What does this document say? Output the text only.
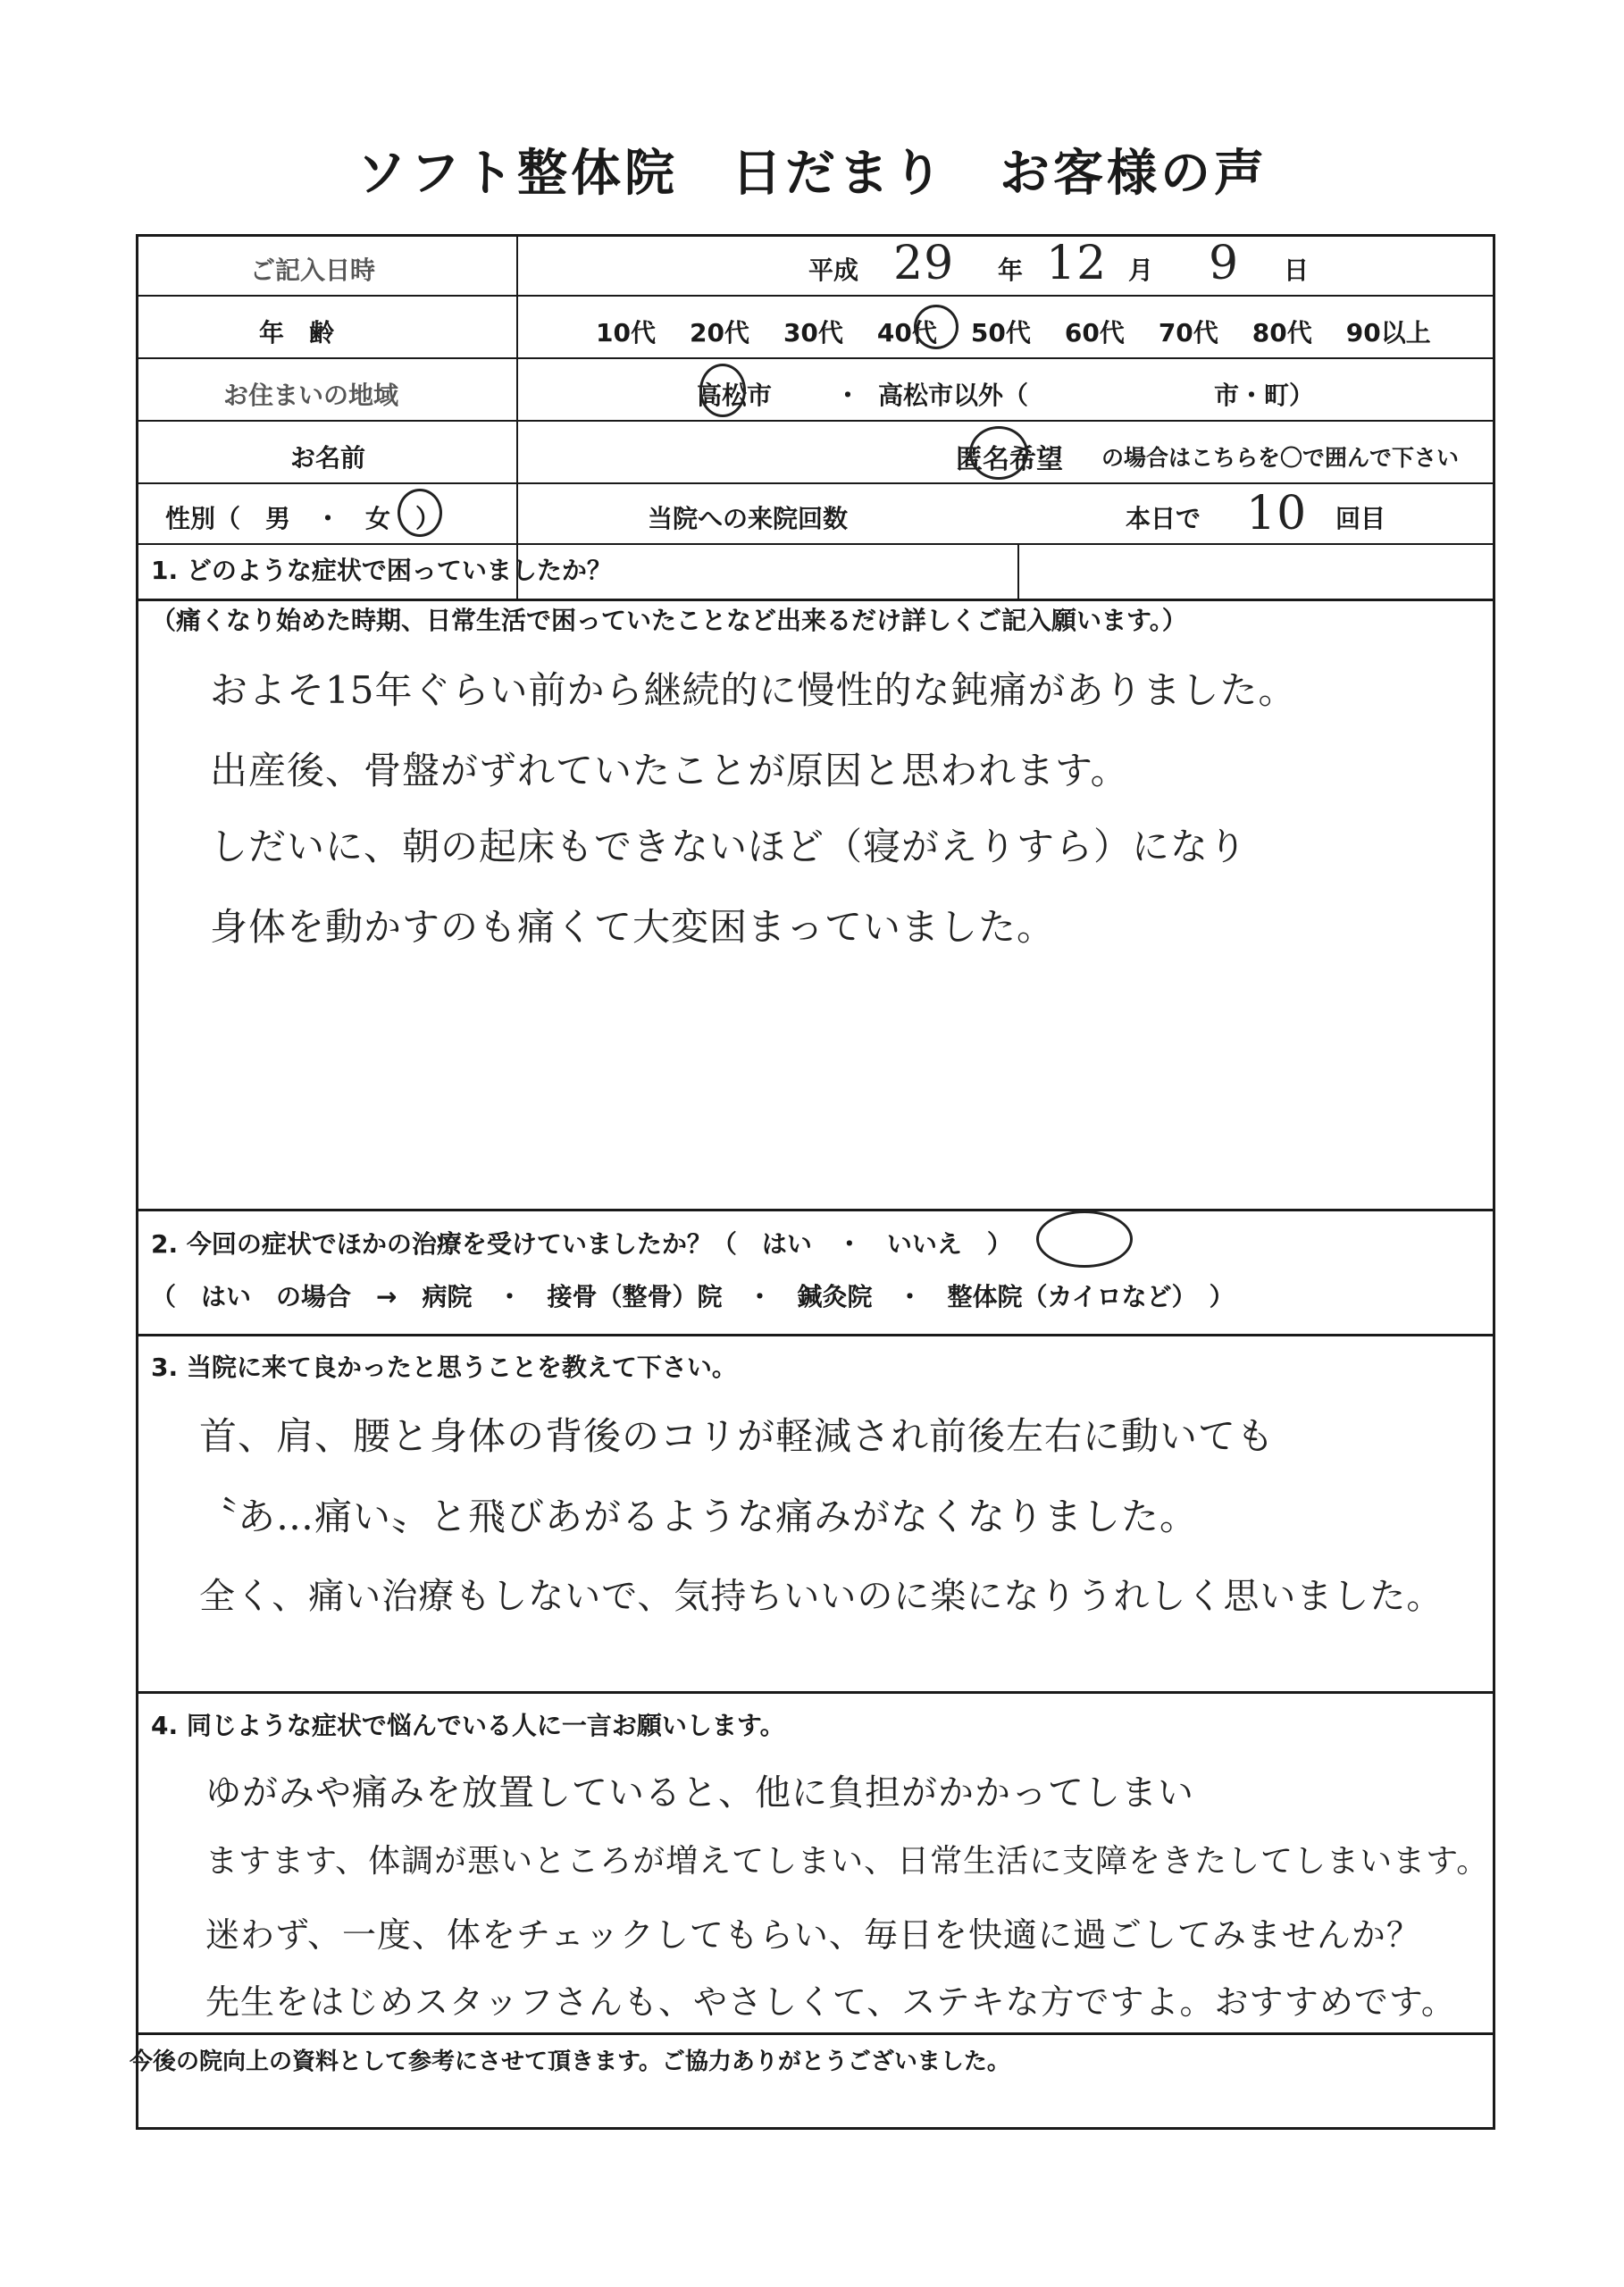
ソフト整体院　日だまり　お客様の声
ご記入日時	平成 29 年 12 月 9 日
年　齢	10代 20代 30代 40代 50代 60代 70代 80代 90以上
お住まいの地域	高松市	・ 高松市以外（	市・町）
お名前	匿名希望 の場合はこちらを〇で囲んで下さい
性別（　男　・　女　）	当院への来院回数	本日で 10 回目
1. どのような症状で困っていましたか？
（痛くなり始めた時期、日常生活で困っていたことなど出来るだけ詳しくご記入願います。）
およそ15年ぐらい前から継続的に慢性的な鈍痛がありました。
出産後、骨盤がずれていたことが原因と思われます。
しだいに、朝の起床もできないほど（寝がえりすら）になり
身体を動かすのも痛くて大変困まっていました。
2. 今回の症状でほかの治療を受けていましたか？（　はい　・　いいえ　）
（　はい　の場合　→　病院　・　接骨（整骨）院　・　鍼灸院　・　整体院（カイロなど）　）
3. 当院に来て良かったと思うことを教えて下さい。
首、肩、腰と身体の背後のコリが軽減され前後左右に動いても
〝あ…痛い〟と飛びあがるような痛みがなくなりました。
全く、痛い治療もしないで、気持ちいいのに楽になりうれしく思いました。
4. 同じような症状で悩んでいる人に一言お願いします。
ゆがみや痛みを放置していると、他に負担がかかってしまい
ますます、体調が悪いところが増えてしまい、日常生活に支障をきたしてしまいます。
迷わず、一度、体をチェックしてもらい、毎日を快適に過ごしてみませんか？
先生をはじめスタッフさんも、やさしくて、ステキな方ですよ。おすすめです。
今後の院向上の資料として参考にさせて頂きます。ご協力ありがとうございました。
